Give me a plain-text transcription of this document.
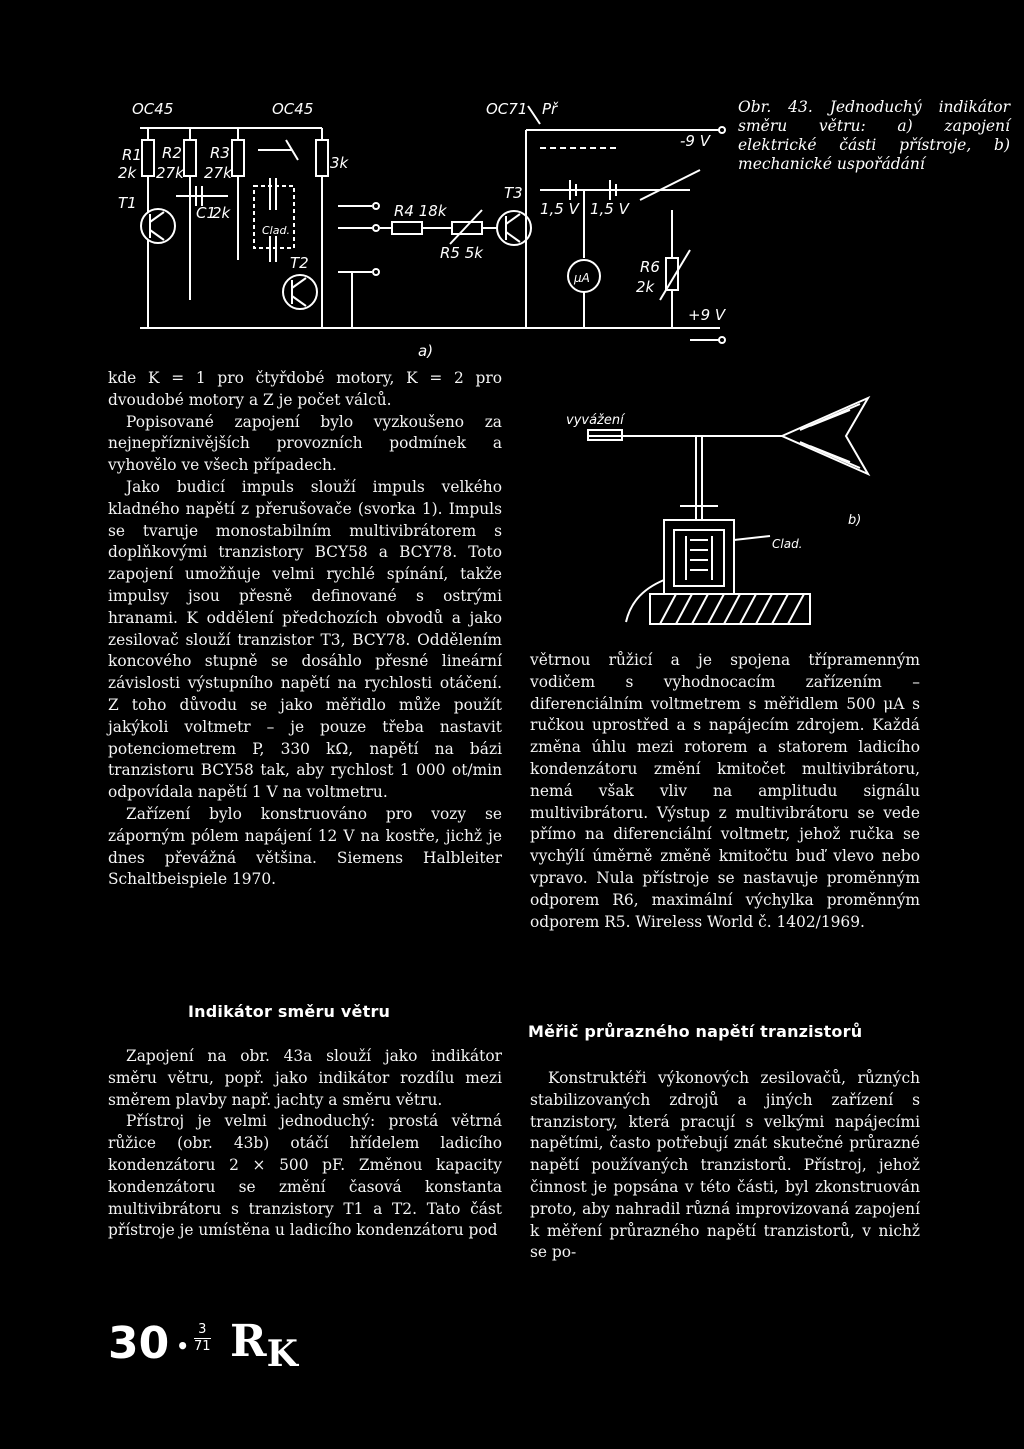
OC45	OC45	OC71
R1
2k
R2
27k
R3
27k
C1
2k
Clad.
3k
T1
T2
T3
R4 18k
R5 5k
Př
1,5 V 1,5 V
μA
R6
2k
-9 V
+9 V
a)
vyvážení
Clad.
b)
Obr. 43. Jednoduchý indikátor směru větru: a) zapojení elektrické části přístroje, b) mechanické uspořádání

kde K = 1 pro čtyřdobé motory, K = 2 pro dvoudobé motory a Z je počet válců.

Popisované zapojení bylo vyzkoušeno za nejnepříznivějších provozních podmínek a vyhovělo ve všech případech.

Jako budicí impuls slouží impuls velkého kladného napětí z přerušovače (svorka 1). Impuls se tvaruje monostabilním multivibrátorem s doplňkovými tranzistory BCY58 a BCY78. Toto zapojení umožňuje velmi rychlé spínání, takže impulsy jsou přesně definované s ostrými hranami. K oddělení předchozích obvodů a jako zesilovač slouží tranzistor T3, BCY78. Oddělením koncového stupně se dosáhlo přesné lineární závislosti výstupního napětí na rychlosti otáčení. Z toho důvodu se jako měřidlo může použít jakýkoli voltmetr – je pouze třeba nastavit potenciometrem P, 330 kΩ, napětí na bázi tranzistoru BCY58 tak, aby rychlost 1 000 ot/min odpovídala napětí 1 V na voltmetru.

Zařízení bylo konstruováno pro vozy se záporným pólem napájení 12 V na kostře, jichž je dnes převážná většina. Siemens Halbleiter Schaltbeispiele 1970.

větrnou růžicí a je spojena třípramenným vodičem s vyhodnocacím zařízením – diferenciálním voltmetrem s měřidlem 500 μA s ručkou uprostřed a s napájecím zdrojem. Každá změna úhlu mezi rotorem a statorem ladicího kondenzátoru změní kmitočet multivibrátoru, nemá však vliv na amplitudu signálu multivibrátoru. Výstup z multivibrátoru se vede přímo na diferenciální voltmetr, jehož ručka se vychýlí úměrně změně kmitočtu buď vlevo nebo vpravo. Nula přístroje se nastavuje proměnným odporem R6, maximální výchylka proměnným odporem R5. Wireless World č. 1402/1969.

Indikátor směru větru
Měřič průrazného napětí tranzistorů

Zapojení na obr. 43a slouží jako indikátor směru větru, popř. jako indikátor rozdílu mezi směrem plavby např. jachty a směru větru.

Přístroj je velmi jednoduchý: prostá větrná růžice (obr. 43b) otáčí hřídelem ladicího kondenzátoru 2 × 500 pF. Změnou kapacity kondenzátoru se změní časová konstanta multivibrátoru s tranzistory T1 a T2. Tato část přístroje je umístěna u ladicího kondenzátoru pod

Konstruktéři výkonových zesilovačů, různých stabilizovaných zdrojů a jiných zařízení s tranzistory, která pracují s velkými napájecími napětími, často potřebují znát skutečné průrazné napětí používaných tranzistorů. Přístroj, jehož činnost je popsána v této části, byl zkonstruován proto, aby nahradil různá improvizovaná zapojení k měření průrazného napětí tranzistorů, v nichž se po-

30 • $\frac{3}{71} R_K$
